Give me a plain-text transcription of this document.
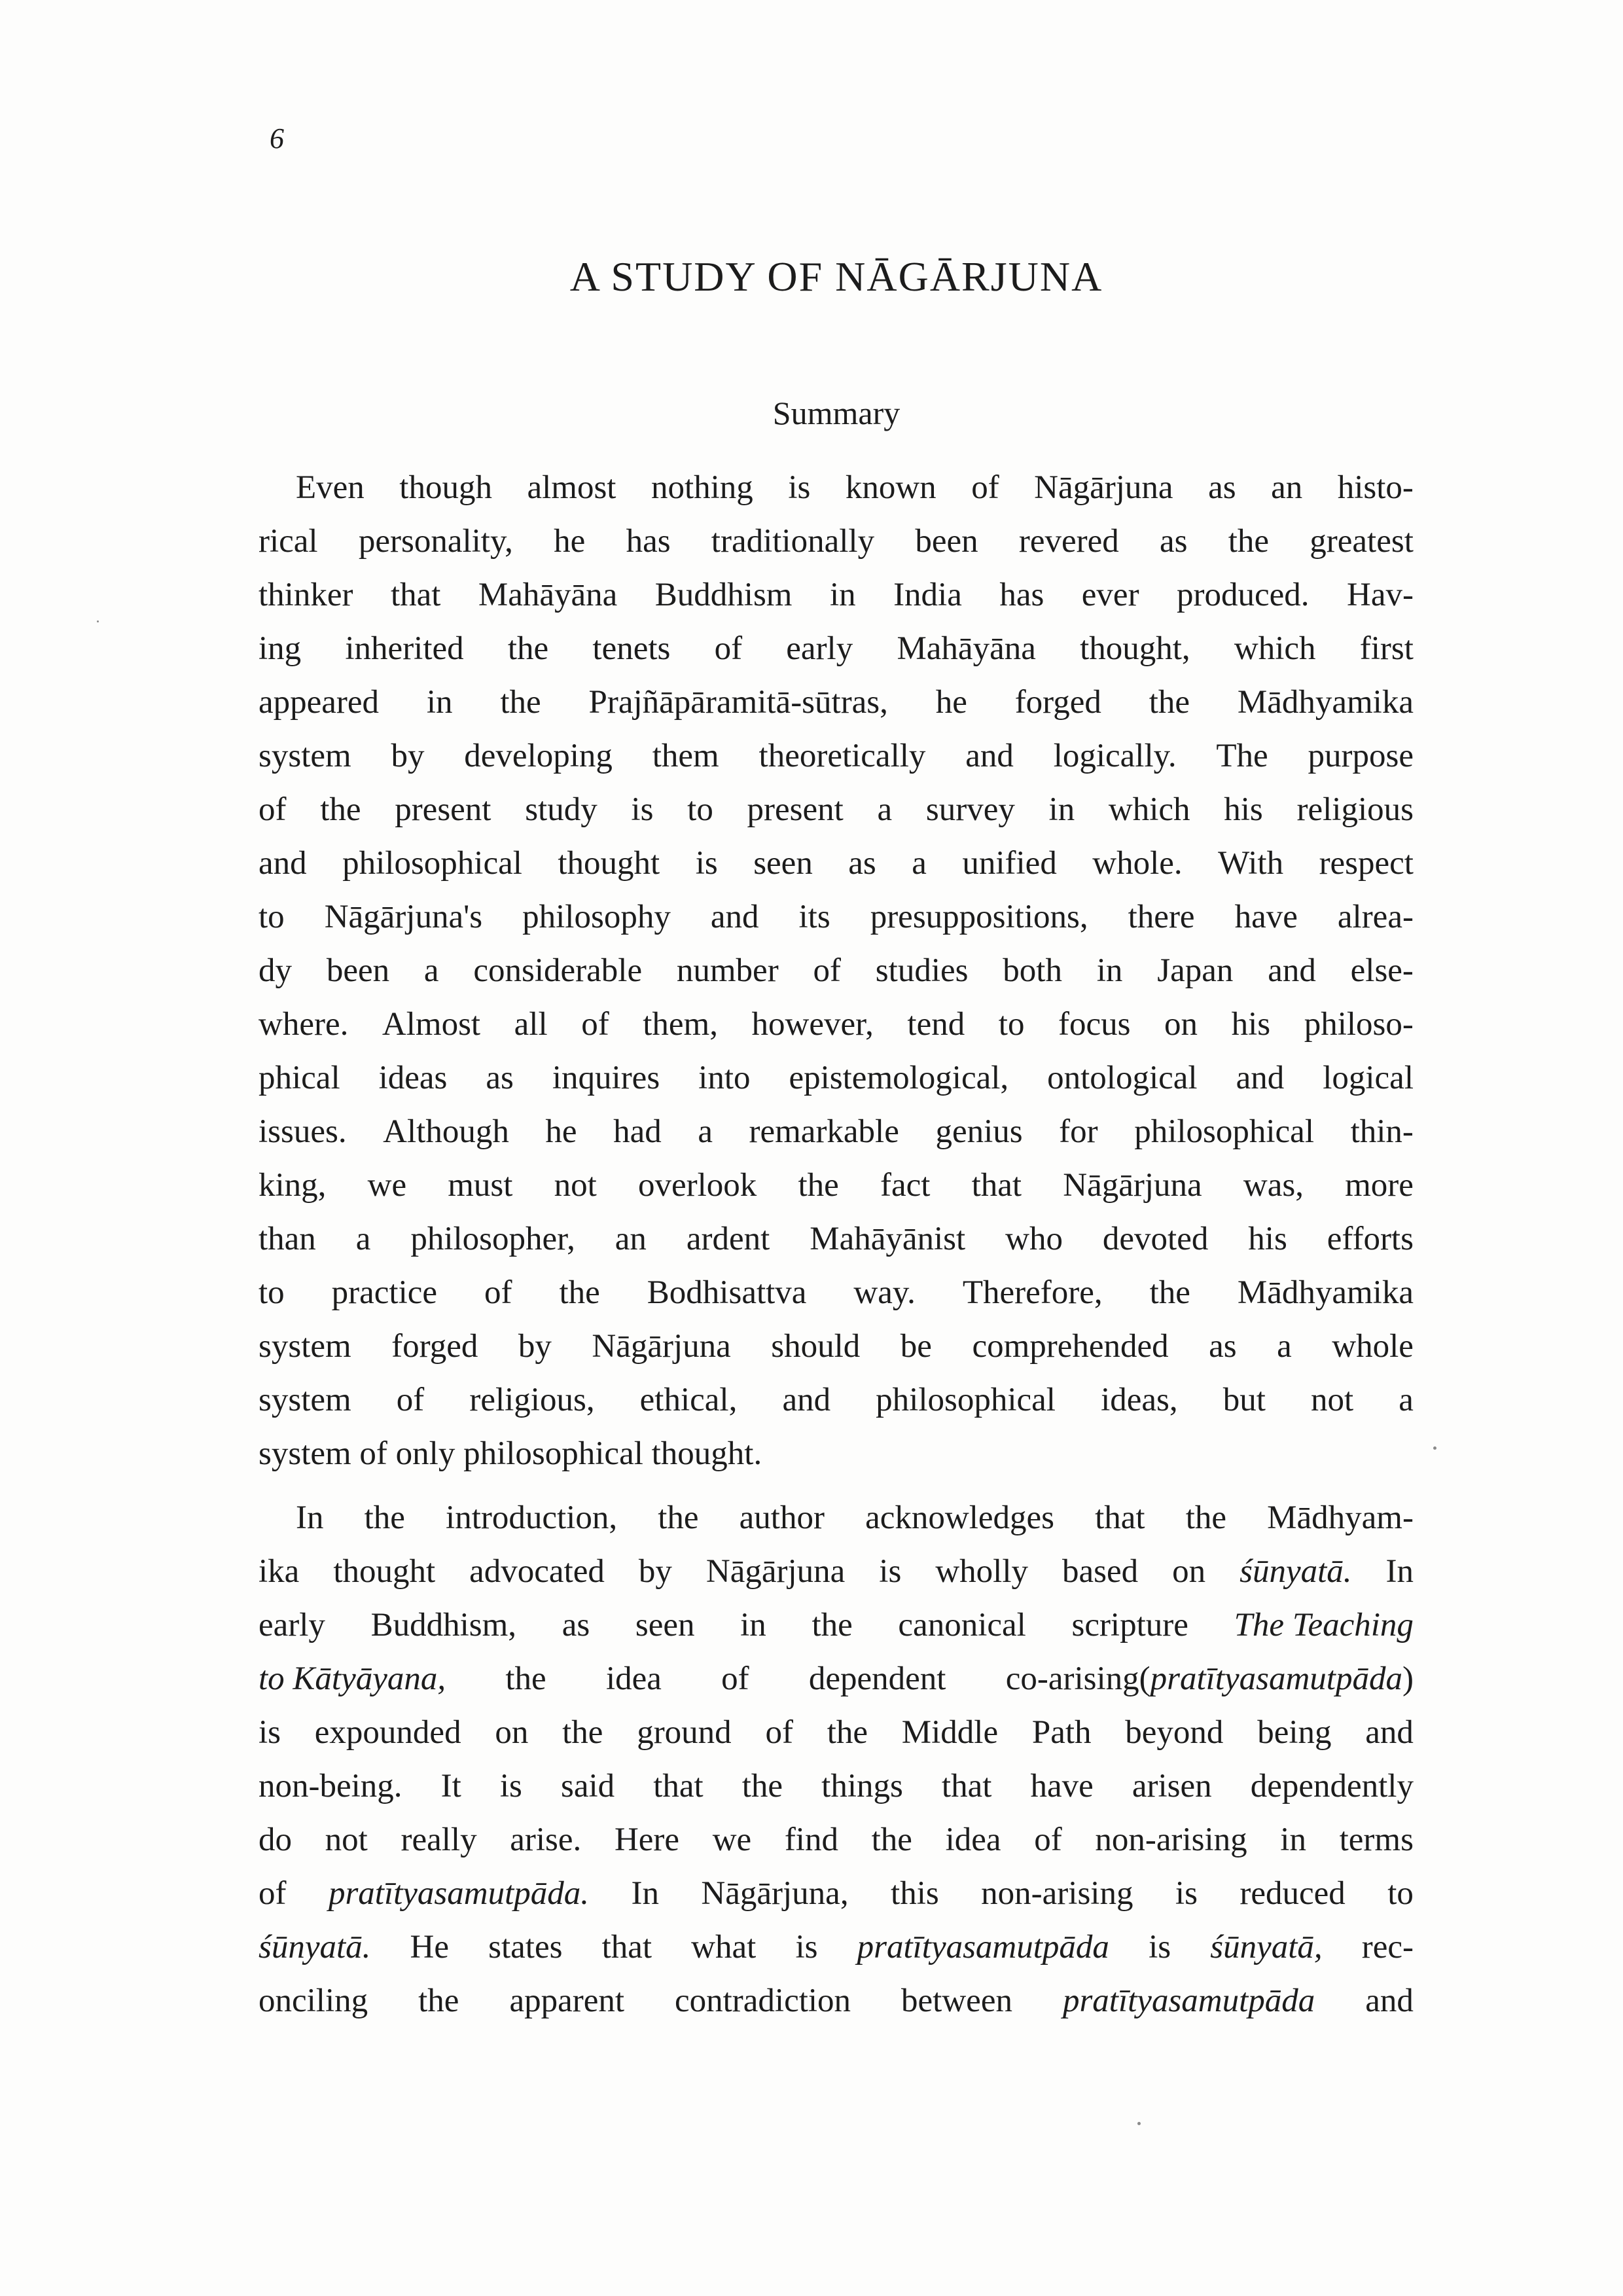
6
A STUDY OF NĀGĀRJUNA
Summary
Even though almost nothing is known of Nāgārjuna as an histo-
rical personality, he has traditionally been revered as the greatest
thinker that Mahāyāna Buddhism in India has ever produced. Hav-
ing inherited the tenets of early Mahāyāna thought, which first
appeared in the Prajñāpāramitā-sūtras, he forged the Mādhyamika
system by developing them theoretically and logically. The purpose
of the present study is to present a survey in which his religious
and philosophical thought is seen as a unified whole. With respect
to Nāgārjuna's philosophy and its presuppositions, there have alrea-
dy been a considerable number of studies both in Japan and else-
where. Almost all of them, however, tend to focus on his philoso-
phical ideas as inquires into epistemological, ontological and logical
issues. Although he had a remarkable genius for philosophical thin-
king, we must not overlook the fact that Nāgārjuna was, more
than a philosopher, an ardent Mahāyānist who devoted his efforts
to practice of the Bodhisattva way. Therefore, the Mādhyamika
system forged by Nāgārjuna should be comprehended as a whole
system of religious, ethical, and philosophical ideas, but not a
system
of
only
philosophical
thought.
In the introduction, the author acknowledges that the Mādhyam-
ika thought advocated by Nāgārjuna is wholly based on śūnyatā. In
early Buddhism, as seen in the canonical scripture The Teaching
to Kātyāyana, the idea of dependent co-arising(pratītyasamutpāda)
is expounded on the ground of the Middle Path beyond being and
non-being. It is said that the things that have arisen dependently
do not really arise. Here we find the idea of non-arising in terms
of pratītyasamutpāda. In Nāgārjuna, this non-arising is reduced to
śūnyatā. He states that what is pratītyasamutpāda is śūnyatā, rec-
onciling the apparent contradiction between pratītyasamutpāda and
